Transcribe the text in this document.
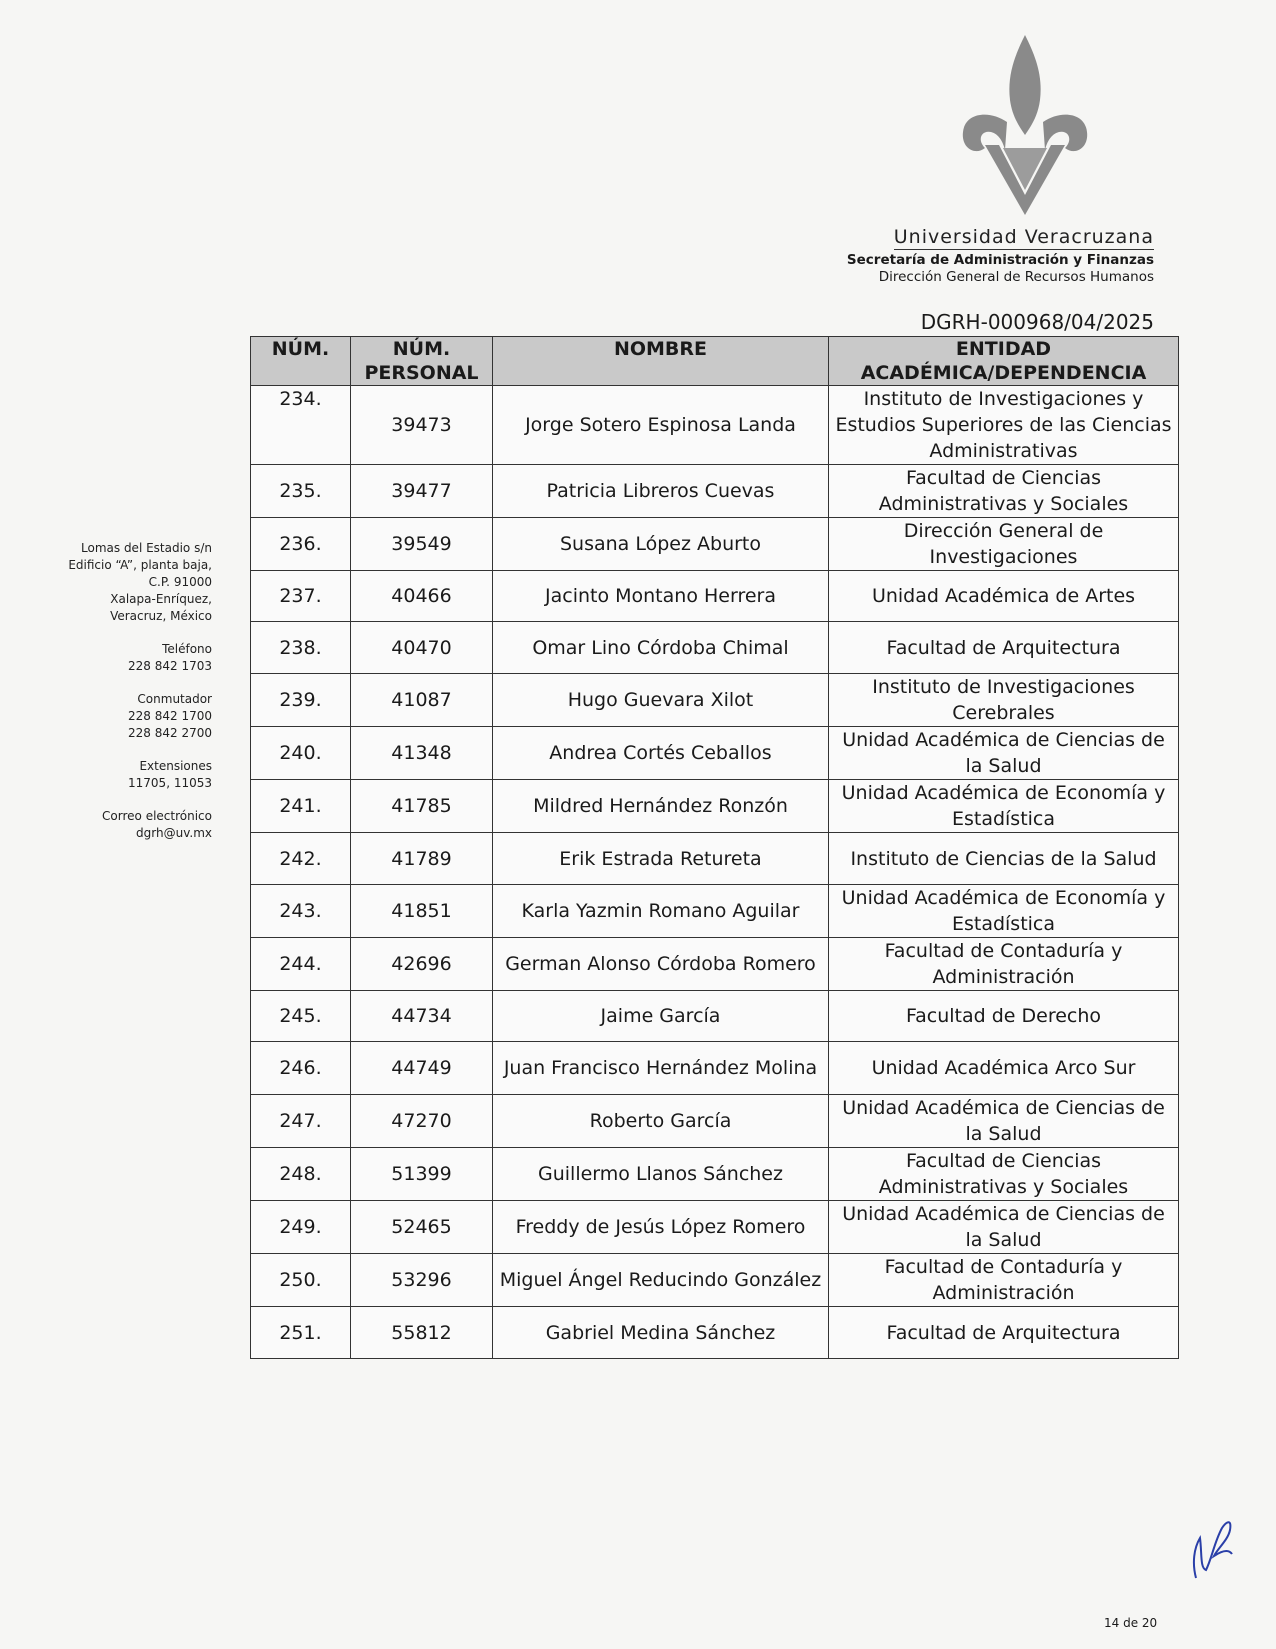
Universidad Veracruzana
Secretaría de Administración y Finanzas
Dirección General de Recursos Humanos
DGRH-000968/04/2025
Lomas del Estadio s/n
Edificio “A”, planta baja,
C.P. 91000
Xalapa-Enríquez,
Veracruz, México
Teléfono
228 842 1703
Conmutador
228 842 1700
228 842 2700
Extensiones
11705, 11053
Correo electrónico
dgrh@uv.mx
NÚM.	NÚM. PERSONAL	NOMBRE	ENTIDAD ACADÉMICA/DEPENDENCIA
234.	39473	Jorge Sotero Espinosa Landa	Instituto de Investigaciones y Estudios Superiores de las Ciencias Administrativas
235.	39477	Patricia Libreros Cuevas	Facultad de Ciencias Administrativas y Sociales
236.	39549	Susana López Aburto	Dirección General de Investigaciones
237.	40466	Jacinto Montano Herrera	Unidad Académica de Artes
238.	40470	Omar Lino Córdoba Chimal	Facultad de Arquitectura
239.	41087	Hugo Guevara Xilot	Instituto de Investigaciones Cerebrales
240.	41348	Andrea Cortés Ceballos	Unidad Académica de Ciencias de la Salud
241.	41785	Mildred Hernández Ronzón	Unidad Académica de Economía y Estadística
242.	41789	Erik Estrada Retureta	Instituto de Ciencias de la Salud
243.	41851	Karla Yazmin Romano Aguilar	Unidad Académica de Economía y Estadística
244.	42696	German Alonso Córdoba Romero	Facultad de Contaduría y Administración
245.	44734	Jaime García	Facultad de Derecho
246.	44749	Juan Francisco Hernández Molina	Unidad Académica Arco Sur
247.	47270	Roberto García	Unidad Académica de Ciencias de la Salud
248.	51399	Guillermo Llanos Sánchez	Facultad de Ciencias Administrativas y Sociales
249.	52465	Freddy de Jesús López Romero	Unidad Académica de Ciencias de la Salud
250.	53296	Miguel Ángel Reducindo González	Facultad de Contaduría y Administración
251.	55812	Gabriel Medina Sánchez	Facultad de Arquitectura
14 de 20
